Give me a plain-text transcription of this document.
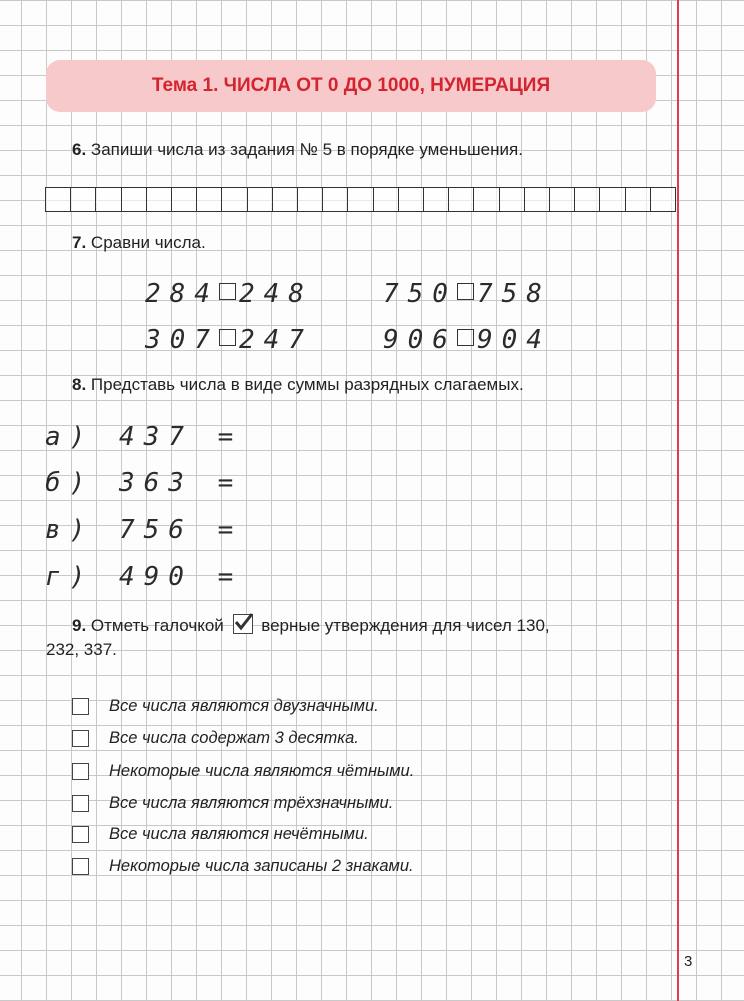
Тема 1. ЧИСЛА ОТ 0 ДО 1000, НУМЕРАЦИЯ
6. Запиши числа из задания № 5 в порядке уменьшения.
7. Сравни числа.
284 248	750 758
307 247	906 904
8. Представь числа в виде суммы разрядных слагаемых.
а) 437 =
б) 363 =
в) 756 =
г) 490 =
9. Отметь галочкой верные утверждения для чисел 130,
232, 337.
Все числа являются двузначными.
Все числа содержат 3 десятка.
Некоторые числа являются чётными.
Все числа являются трёхзначными.
Все числа являются нечётными.
Некоторые числа записаны 2 знаками.
3
